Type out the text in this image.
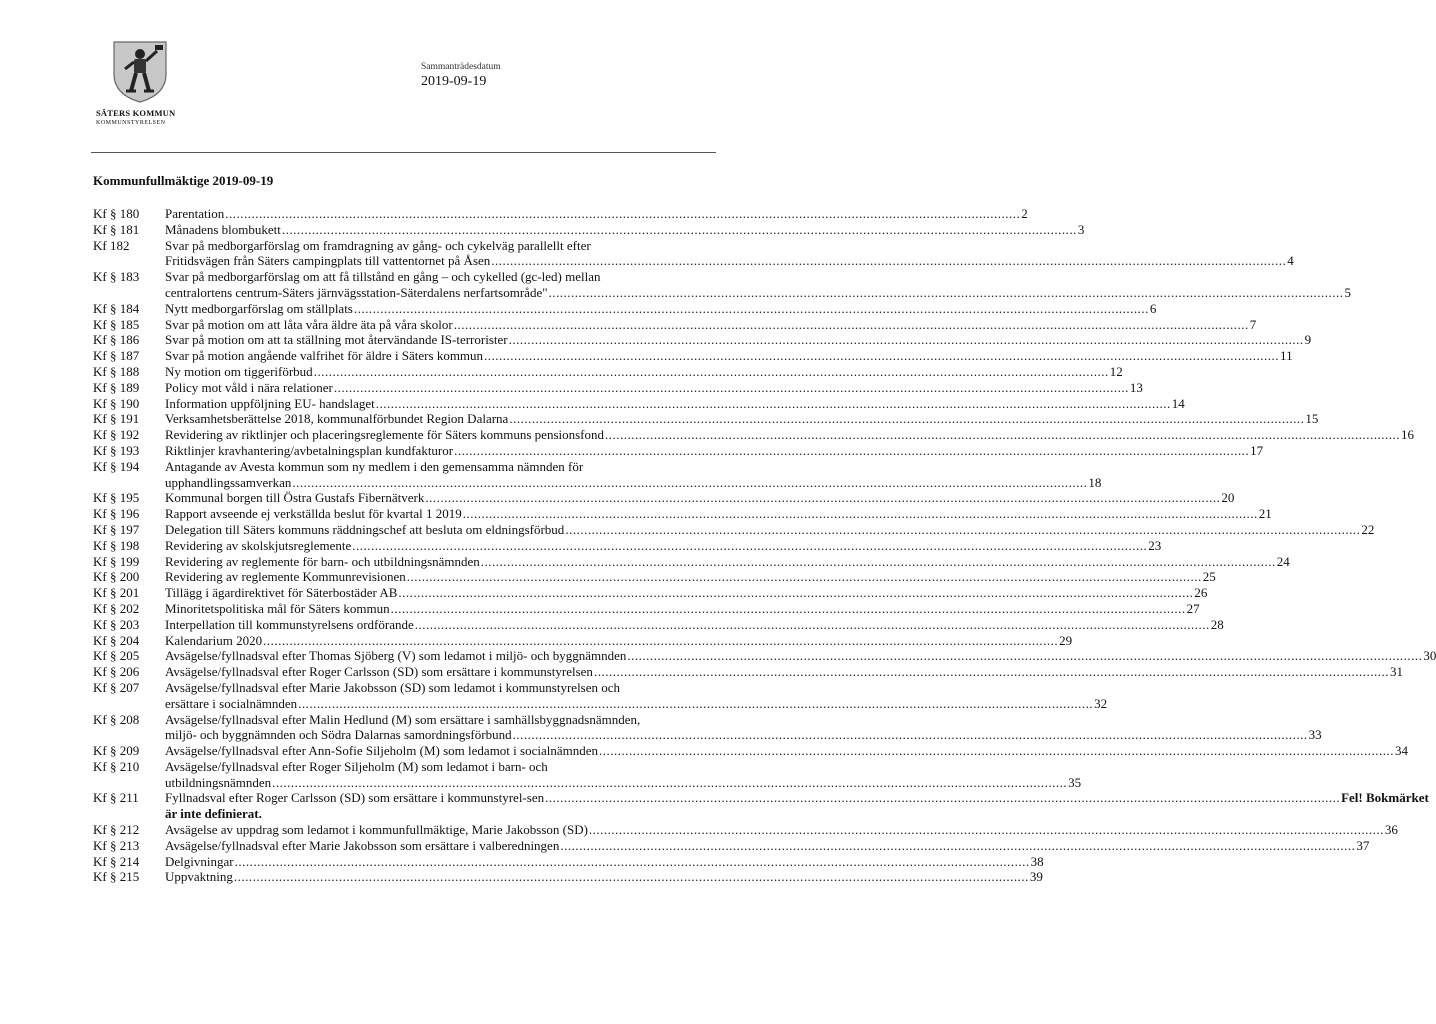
SÄTERS KOMMUN
KOMMUNSTYRELSEN
Sammanträdesdatum
2019-09-19
Kommunfullmäktige 2019-09-19
Kf § 180	Parentation .....	2
Kf § 181	Månadens blombukett .....	3
Kf 182	Svar på medborgarförslag om framdragning av gång- och cykelväg parallellt efter
Fritidsvägen från Säters campingplats till vattentornet på Åsen .....	4
Kf § 183	Svar på medborgarförslag om att få tillstånd en gång – och cykelled (gc-led) mellan
centralortens centrum-Säters järnvägsstation-Säterdalens nerfartsområde" .....	5
Kf § 184	Nytt medborgarförslag om ställplats .....	6
Kf § 185	Svar på motion om att låta våra äldre äta på våra skolor .....	7
Kf § 186	Svar på motion om att ta ställning mot återvändande IS-terrorister .....	9
Kf § 187	Svar på motion angående valfrihet för äldre i Säters kommun .....	11
Kf § 188	Ny motion om tiggeriförbud .....	12
Kf § 189	Policy mot våld i nära relationer .....	13
Kf § 190	Information uppföljning EU- handslaget .....	14
Kf § 191	Verksamhetsberättelse 2018, kommunalförbundet Region Dalarna .....	15
Kf § 192	Revidering av riktlinjer och placeringsreglemente för Säters kommuns pensionsfond .....	16
Kf § 193	Riktlinjer kravhantering/avbetalningsplan kundfakturor .....	17
Kf § 194	Antagande av Avesta kommun som ny medlem i den gemensamma nämnden för
upphandlingssamverkan .....	18
Kf § 195	Kommunal borgen till Östra Gustafs Fibernätverk .....	20
Kf § 196	Rapport avseende ej verkställda beslut för kvartal 1 2019 .....	21
Kf § 197	Delegation till Säters kommuns räddningschef att besluta om eldningsförbud .....	22
Kf § 198	Revidering av skolskjutsreglemente .....	23
Kf § 199	Revidering av reglemente för barn- och utbildningsnämnden .....	24
Kf § 200	Revidering av reglemente Kommunrevisionen .....	25
Kf § 201	Tillägg i ägardirektivet för Säterbostäder AB .....	26
Kf § 202	Minoritetspolitiska mål för Säters kommun .....	27
Kf § 203	Interpellation till kommunstyrelsens ordförande .....	28
Kf § 204	Kalendarium 2020 .....	29
Kf § 205	Avsägelse/fyllnadsval efter Thomas Sjöberg (V) som ledamot i miljö- och byggnämnden .....	30
Kf § 206	Avsägelse/fyllnadsval efter Roger Carlsson (SD) som ersättare i kommunstyrelsen .....	31
Kf § 207	Avsägelse/fyllnadsval efter Marie Jakobsson (SD) som ledamot i kommunstyrelsen och
ersättare i socialnämnden .....	32
Kf § 208	Avsägelse/fyllnadsval efter Malin Hedlund (M) som ersättare i samhällsbyggnadsnämnden,
miljö- och byggnämnden och Södra Dalarnas samordningsförbund .....	33
Kf § 209	Avsägelse/fyllnadsval efter Ann-Sofie Siljeholm (M) som ledamot i socialnämnden .....	34
Kf § 210	Avsägelse/fyllnadsval efter Roger Siljeholm (M) som ledamot i barn- och
utbildningsnämnden .....	35
Kf § 211	Fyllnadsval efter Roger Carlsson (SD) som ersättare i kommunstyrel-sen .....	Fel! Bokmärket
är inte definierat.
Kf § 212	Avsägelse av uppdrag som ledamot i kommunfullmäktige, Marie Jakobsson (SD) .....	36
Kf § 213	Avsägelse/fyllnadsval efter Marie Jakobsson som ersättare i valberedningen .....	37
Kf § 214	Delgivningar .....	38
Kf § 215	Uppvaktning .....	39
